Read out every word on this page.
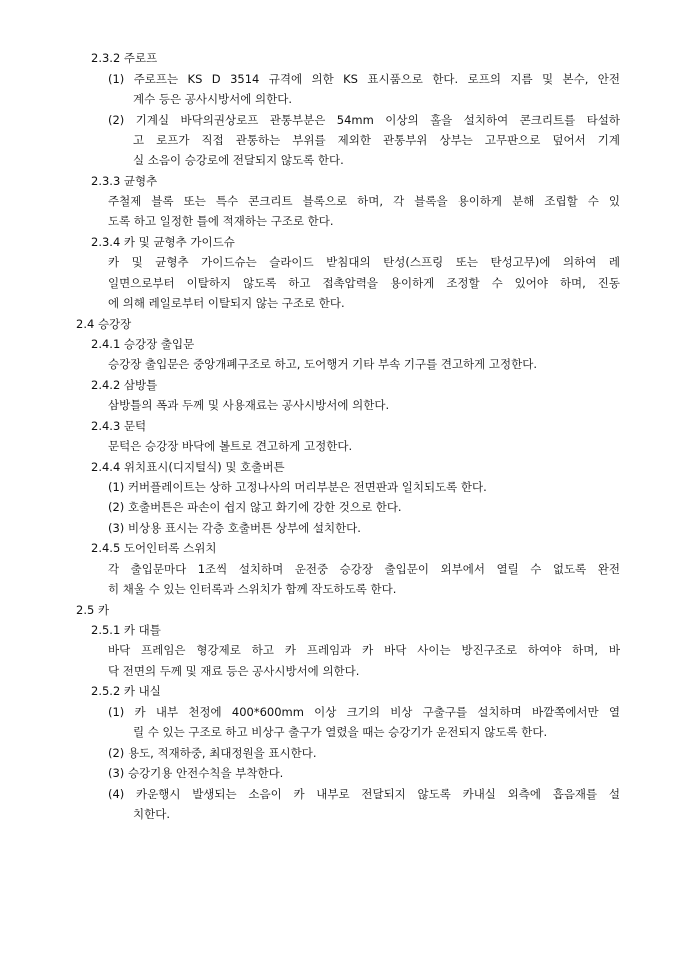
2.3.2 주로프
(1) 주로프는 KS D 3514 규격에 의한 KS 표시품으로 한다. 로프의 지름 및 본수, 안전
계수 등은 공사시방서에 의한다.
(2) 기계실 바닥의권상로프 관통부분은 54mm 이상의 홀을 설치하여 콘크리트를 타설하
고 로프가 직접 관통하는 부위를 제외한 관통부위 상부는 고무판으로 덮어서 기계
실 소음이 승강로에 전달되지 않도록 한다.
2.3.3 균형추
주철제 블록 또는 특수 콘크리트 블록으로 하며, 각 블록을 용이하게 분해 조립할 수 있
도록 하고 일정한 틀에 적재하는 구조로 한다.
2.3.4 카 및 균형추 가이드슈
카 및 균형추 가이드슈는 슬라이드 받침대의 탄성(스프링 또는 탄성고무)에 의하여 레
일면으로부터 이탈하지 않도록 하고 접촉압력을 용이하게 조정할 수 있어야 하며, 진동
에 의해 레일로부터 이탈되지 않는 구조로 한다.
2.4 승강장
2.4.1 승강장 출입문
승강장 출입문은 중앙개폐구조로 하고, 도어행거 기타 부속 기구를 견고하게 고정한다.
2.4.2 삼방틀
삼방틀의 폭과 두께 및 사용재료는 공사시방서에 의한다.
2.4.3 문턱
문턱은 승강장 바닥에 볼트로 견고하게 고정한다.
2.4.4 위치표시(디지털식) 및 호출버튼
(1) 커버플레이트는 상하 고정나사의 머리부분은 전면판과 일치되도록 한다.
(2) 호출버튼은 파손이 쉽지 않고 화기에 강한 것으로 한다.
(3) 비상용 표시는 각층 호출버튼 상부에 설치한다.
2.4.5 도어인터록 스위치
각 출입문마다 1조씩 설치하며 운전중 승강장 출입문이 외부에서 열릴 수 없도록 완전
히 채울 수 있는 인터록과 스위치가 함께 작도하도록 한다.
2.5 카
2.5.1 카 대틀
바닥 프레임은 형강제로 하고 카 프레임과 카 바닥 사이는 방진구조로 하여야 하며, 바
닥 전면의 두께 및 재료 등은 공사시방서에 의한다.
2.5.2 카 내실
(1) 카 내부 천정에 400*600mm 이상 크기의 비상 구출구를 설치하며 바깥쪽에서만 열
릴 수 있는 구조로 하고 비상구 출구가 열렸을 때는 승강기가 운전되지 않도록 한다.
(2) 용도, 적재하중, 최대정원을 표시한다.
(3) 승강기용 안전수칙을 부착한다.
(4) 카운행시 발생되는 소음이 카 내부로 전달되지 않도록 카내실 외측에 흡음재를 설
치한다.
